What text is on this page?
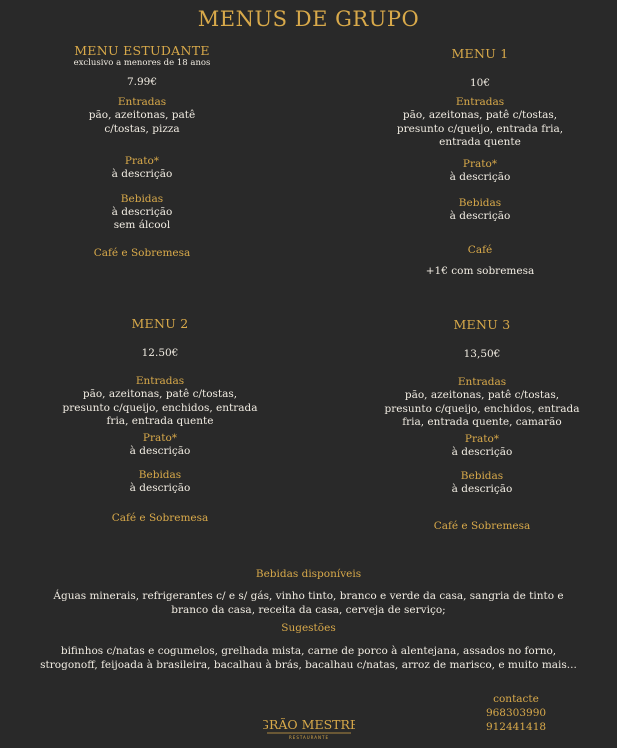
MENUS DE GRUPO
MENU ESTUDANTE
exclusivo a menores de 18 anos
7.99€
Entradas
pão, azeitonas, patê
c/tostas, pizza
Prato*
à descrição
Bebidas
à descrição
sem álcool
Café e Sobremesa
MENU 1
10€
Entradas
pão, azeitonas, patê c/tostas,
presunto c/queijo, entrada fria,
entrada quente
Prato*
à descrição
Bebidas
à descrição
Café
+1€ com sobremesa
MENU 2
12.50€
Entradas
pão, azeitonas, patê c/tostas,
presunto c/queijo, enchidos, entrada
fria, entrada quente
Prato*
à descrição
Bebidas
à descrição
Café e Sobremesa
MENU 3
13,50€
Entradas
pão, azeitonas, patê c/tostas,
presunto c/queijo, enchidos, entrada
fria, entrada quente, camarão
Prato*
à descrição
Bebidas
à descrição
Café e Sobremesa
Bebidas disponíveis
Águas minerais, refrigerantes c/ e s/ gás, vinho tinto, branco e verde da casa, sangria de tinto e
branco da casa, receita da casa, cerveja de serviço;
Sugestões
bifinhos c/natas e cogumelos, grelhada mista, carne de porco à alentejana, assados no forno,
strogonoff, feijoada à brasileira, bacalhau à brás, bacalhau c/natas, arroz de marisco, e muito mais...
contacte
968303990
912441418
GRÃO MESTRE
RESTAURANTE
